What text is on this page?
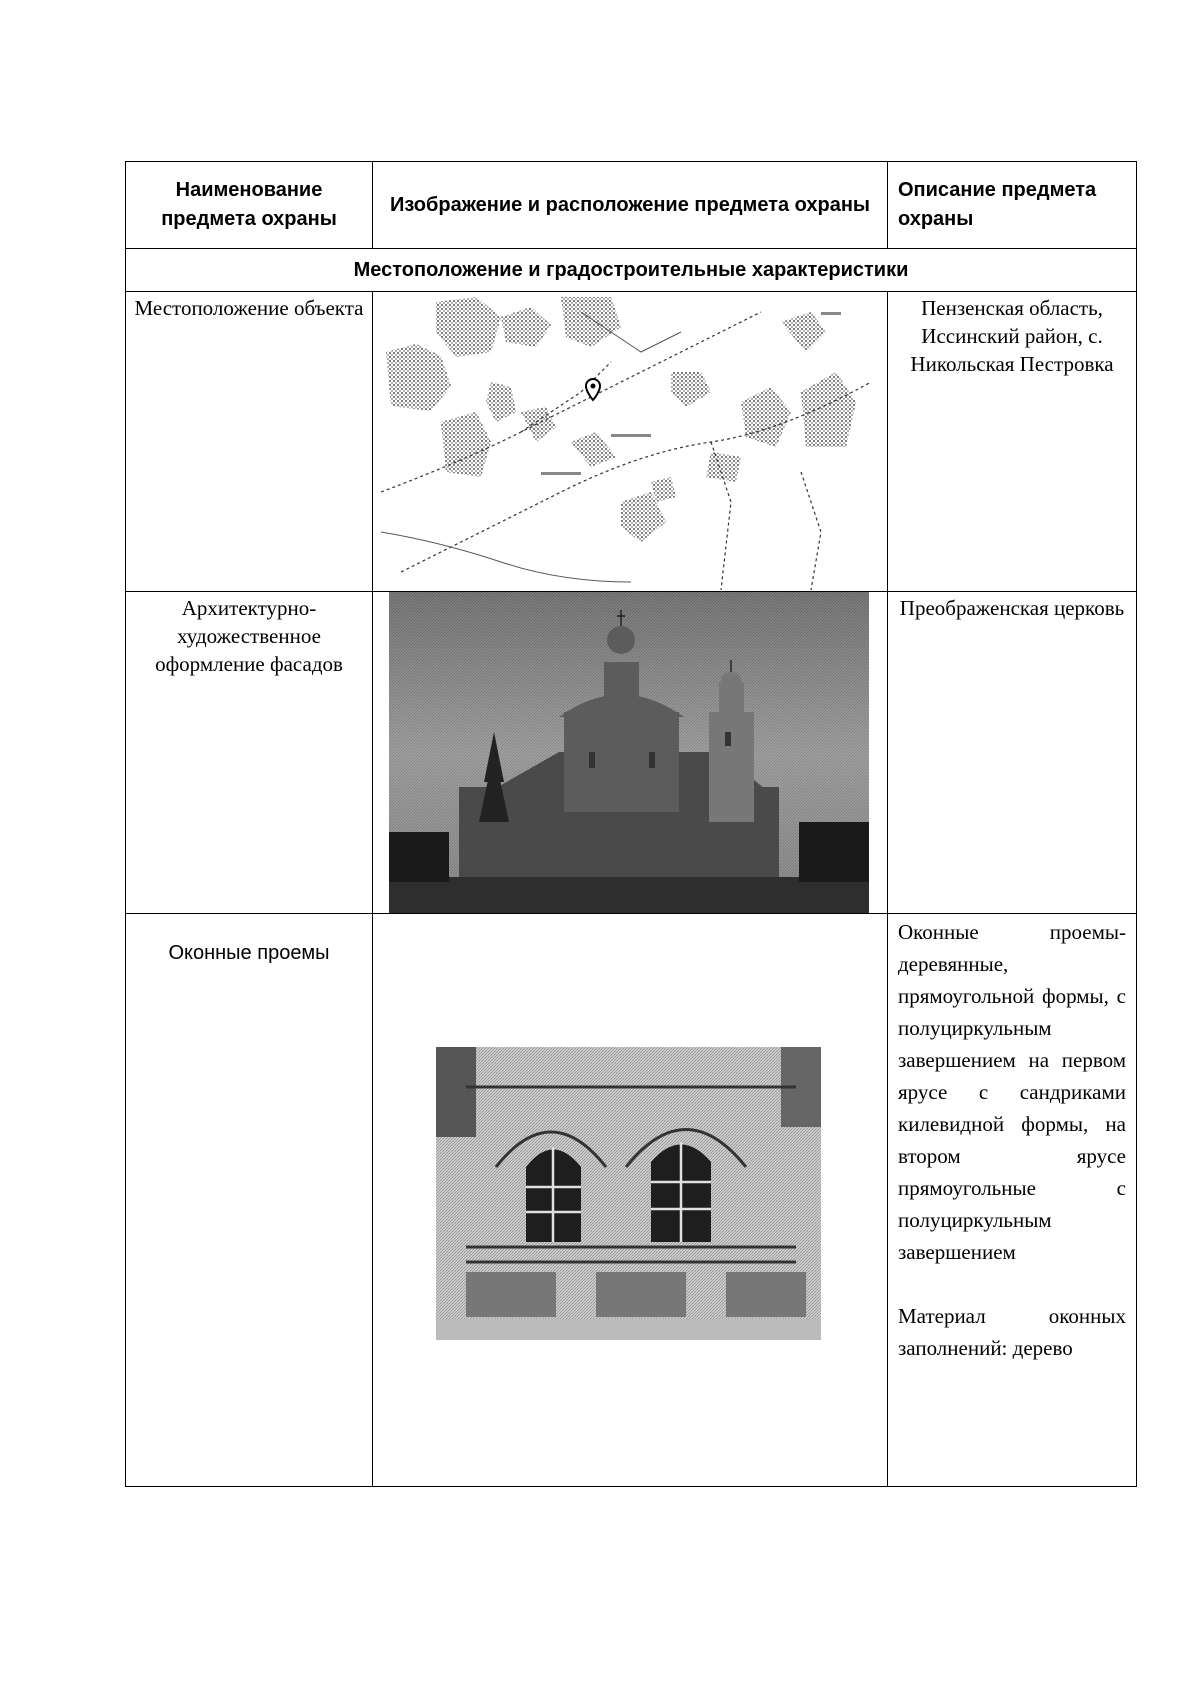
Наименование предмета охраны	Изображение и расположение предмета охраны	Описание предмета охраны
Местоположение и градостроительные характеристики		
Местоположение объекта		Пензенская область, Иссинский район, с. Никольская Пестровка
Архитектурно-художественное оформление фасадов		Преображенская церковь
Оконные проемы		Оконные проемы-деревянные, прямоугольной формы, с полуциркульным завершением на первом ярусе с сандриками килевидной формы, на втором ярусе прямоугольные с полуциркульным завершением

Материал оконных заполнений: дерево
